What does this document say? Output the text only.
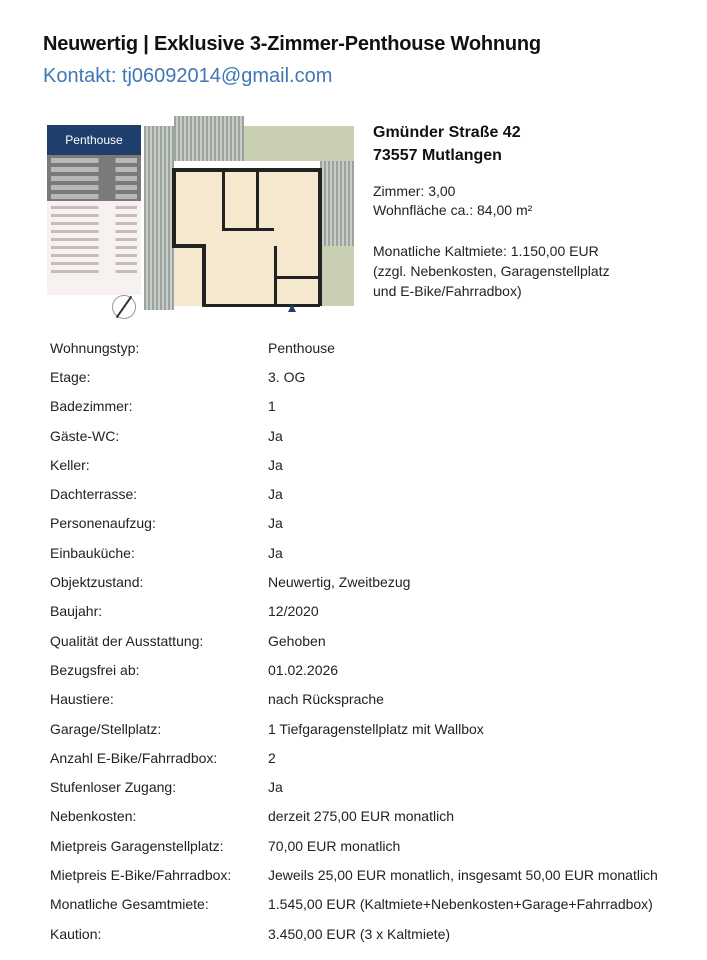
Neuwertig | Exklusive 3-Zimmer-Penthouse Wohnung
Kontakt: tj06092014@gmail.com
Penthouse	Gmünder Straße 42
73557 Mutlangen
Zimmer: 3,00
Wohnfläche ca.: 84,00 m²
Monatliche Kaltmiete: 1.150,00 EUR
(zzgl. Nebenkosten, Garagenstellplatz
und E-Bike/Fahrradbox)
Wohnungstyp:	Penthouse
Etage:	3. OG
Badezimmer:	1
Gäste-WC:	Ja
Keller:	Ja
Dachterrasse:	Ja
Personenaufzug:	Ja
Einbauküche:	Ja
Objektzustand:	Neuwertig, Zweitbezug
Baujahr:	12/2020
Qualität der Ausstattung:	Gehoben
Bezugsfrei ab:	01.02.2026
Haustiere:	nach Rücksprache
Garage/Stellplatz:	1 Tiefgaragenstellplatz mit Wallbox
Anzahl E-Bike/Fahrradbox:	2
Stufenloser Zugang:	Ja
Nebenkosten:	derzeit 275,00 EUR monatlich
Mietpreis Garagenstellplatz:	70,00 EUR monatlich
Mietpreis E-Bike/Fahrradbox:	Jeweils 25,00 EUR monatlich, insgesamt 50,00 EUR monatlich
Monatliche Gesamtmiete:	1.545,00 EUR (Kaltmiete+Nebenkosten+Garage+Fahrradbox)
Kaution:	3.450,00 EUR (3 x Kaltmiete)
